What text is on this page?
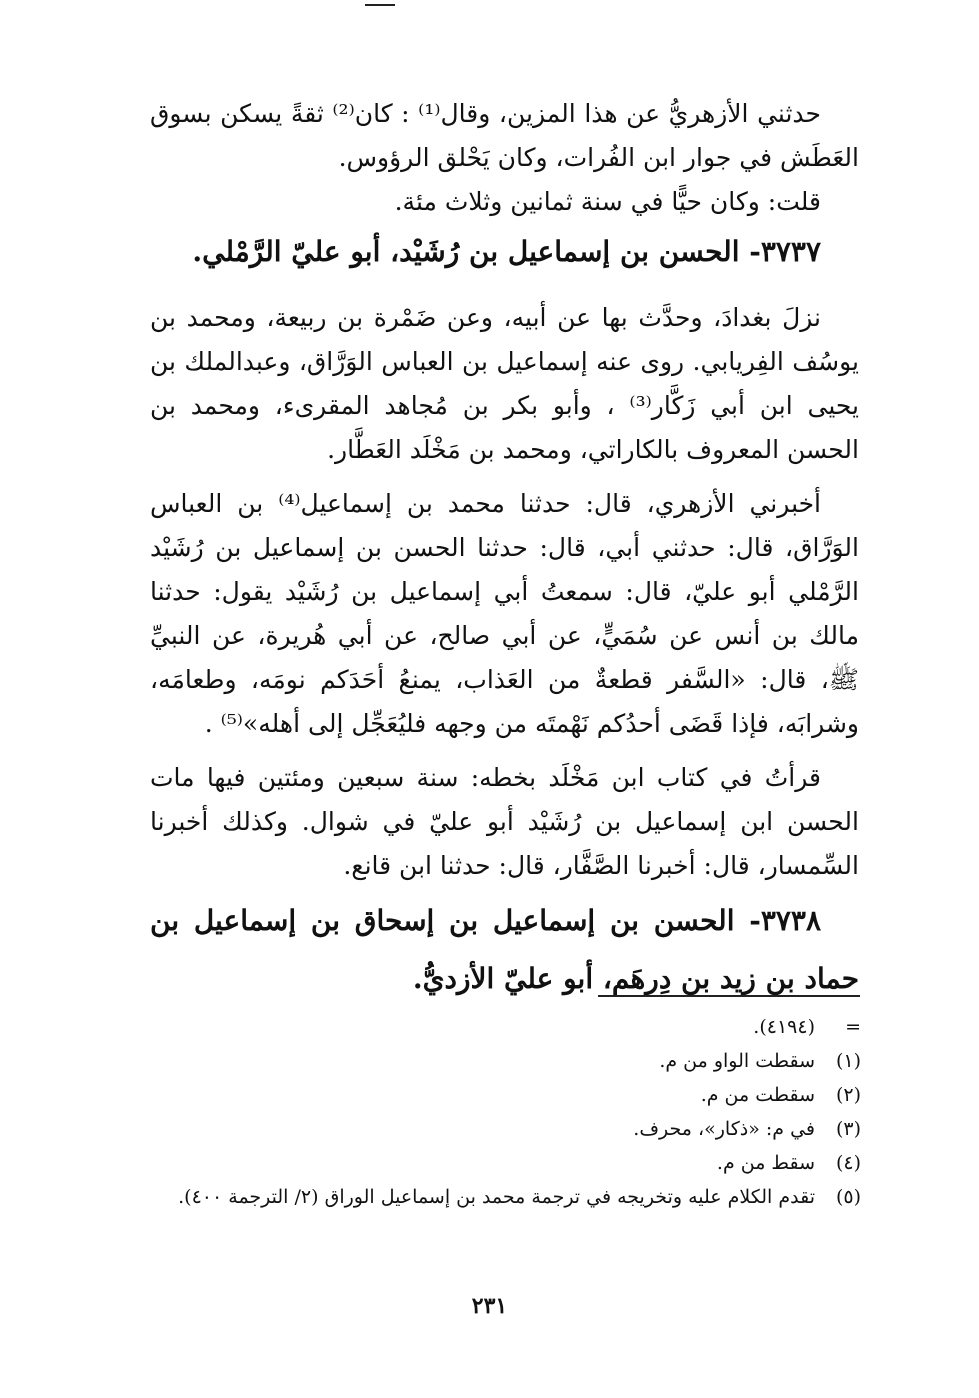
حدثني الأزهريُّ عن هذا المزين، وقال⁽¹⁾ : كان⁽²⁾ ثقةً يسكن بسوق العَطَش في جوار ابن الفُرات، وكان يَحْلق الرؤوس.

قلت: وكان حيًّا في سنة ثمانين وثلاث مئة.

٣٧٣٧- الحسن بن إسماعيل بن رُشَيْد، أبو عليّ الرَّمْلي.

نزلَ بغدادَ، وحدَّث بها عن أبيه، وعن ضَمْرة بن ربيعة، ومحمد بن يوسُف الفِريابي. روى عنه إسماعيل بن العباس الوَرَّاق، وعبدالملك بن يحيى ابن أبي زَكَّار⁽³⁾ ، وأبو بكر بن مُجاهد المقرىء، ومحمد بن الحسن المعروف بالكاراتي، ومحمد بن مَخْلَد العَطَّار.

أخبرني الأزهري، قال: حدثنا محمد بن إسماعيل⁽⁴⁾ بن العباس الوَرَّاق، قال: حدثني أبي، قال: حدثنا الحسن بن إسماعيل بن رُشَيْد الرَّمْلي أبو عليّ، قال: سمعتُ أبي إسماعيل بن رُشَيْد يقول: حدثنا مالك بن أنس عن سُمَيٍّ، عن أبي صالح، عن أبي هُريرة، عن النبيِّ ﷺ، قال: «السَّفر قطعةٌ من العَذاب، يمنعُ أحَدَكم نومَه، وطعامَه، وشرابَه، فإذا قَضَى أحدُكم نَهْمتَه من وجهه فليُعَجِّل إلى أهله»⁽⁵⁾ .

قرأتُ في كتاب ابن مَخْلَد بخطه: سنة سبعين ومئتين فيها مات الحسن ابن إسماعيل بن رُشَيْد أبو عليّ في شوال. وكذلك أخبرنا السِّمسار، قال: أخبرنا الصَّفَّار، قال: حدثنا ابن قانع.

٣٧٣٨- الحسن بن إسماعيل بن إسحاق بن إسماعيل بن حماد بن زيد بن دِرهَم، أبو عليّ الأزديُّ.

=(٤١٩٤).

(١)سقطت الواو من م.

(٢)سقطت من م.

(٣)في م: «ذكار»، محرف.

(٤)سقط من م.

(٥)تقدم الكلام عليه وتخريجه في ترجمة محمد بن إسماعيل الوراق (٢/ الترجمة ٤٠٠).

٢٣١
